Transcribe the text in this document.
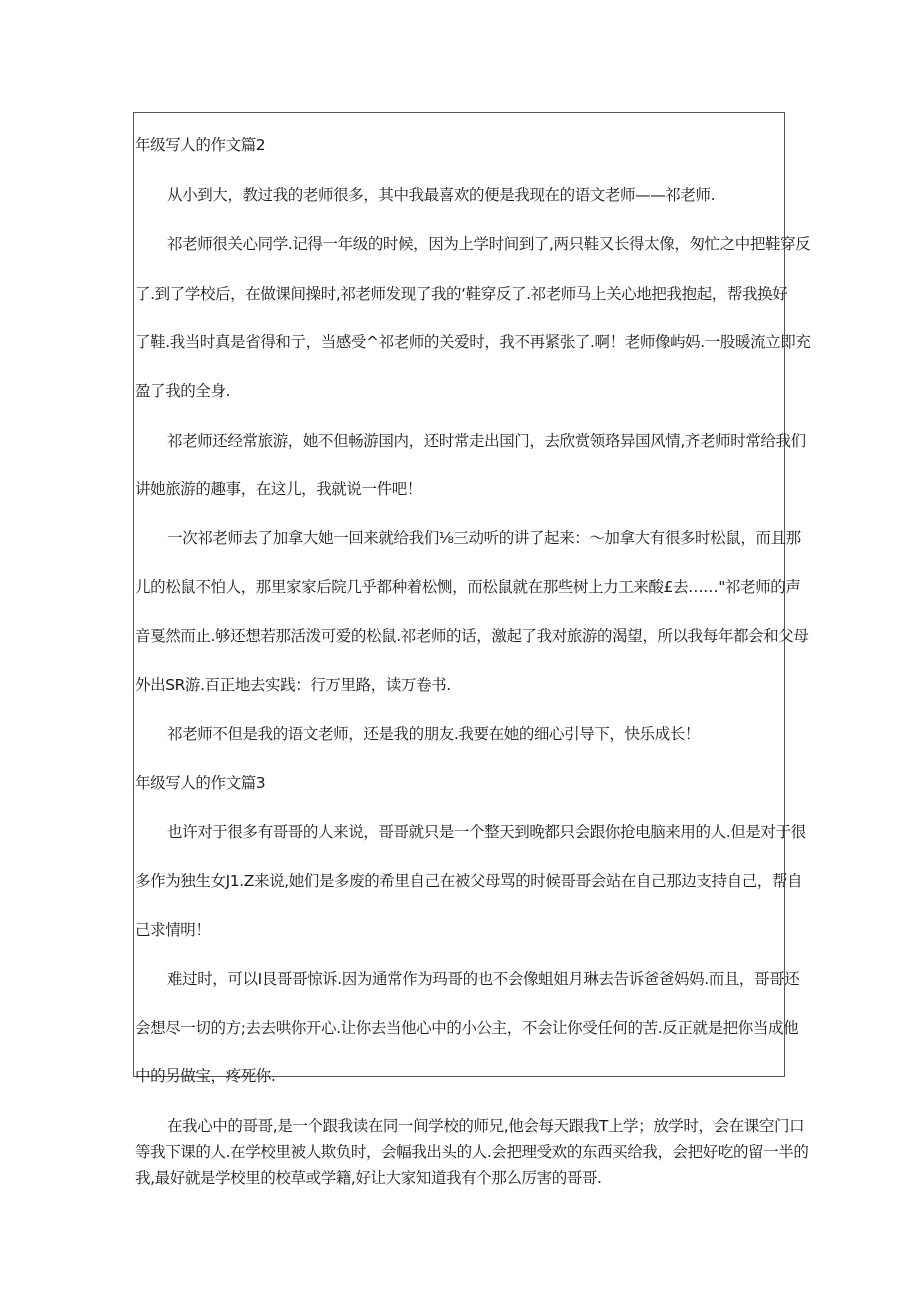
年级写人的作文篇2
从小到大，教过我的老师很多，其中我最喜欢的便是我现在的语文老师——祁老师.
祁老师很关心同学.记得一年级的时候，因为上学时间到了,两只鞋又长得太像，匆忙之中把鞋穿反
了.到了学校后，在做课间操时,祁老师发现了我的‘鞋穿反了.祁老师马上关心地把我抱起，帮我换好
了鞋.我当时真是省得和亍，当感受^祁老师的关爱时，我不再紧张了.啊！老师像屿妈.一股暖流立即充
盈了我的全身.
祁老师还经常旅游，她不但畅游国内，还时常走出国门，去欣赏领珞异国风情,齐老师时常给我们
讲她旅游的趣事，在这儿，我就说一件吧！
一次祁老师去了加拿大她一回来就给我们⅛三动听的讲了起来：〜加拿大有很多时松鼠，而且那
儿的松鼠不怕人，那里家家后院几乎都种着松恻，而松鼠就在那些树上力工来酸£去……"祁老师的声
音戛然而止.够还想若那活泼可爱的松鼠.祁老师的话，激起了我对旅游的渴望，所以我每年都会和父母
外出SR游.百正地去实践：行万里路，读万卷书.
祁老师不但是我的语文老师，还是我的朋友.我要在她的细心引导下，快乐成长！
年级写人的作文篇3
也许对于很多有哥哥的人来说，哥哥就只是一个整天到晚都只会跟你抢电脑来用的人.但是对于很
多作为独生女J1.Z来说,她们是多废的希里自己在被父母骂的时候哥哥会站在自己那边支持自己，帮自
己求情明！
难过时，可以I艮哥哥惊诉.因为通常作为玛哥的也不会像蛆姐月琳去告诉爸爸妈妈.而且，哥哥还
会想尽一切的方;去去哄你开心.让你去当他心中的小公主，不会让你受任何的苦.反正就是把你当成他
中的另做宝，疼死你.
在我心中的哥哥,是一个跟我读在同一间学校的师兄,他会每天跟我T上学；放学时，会在课空门口
等我下课的人.在学校里被人欺负时，会幅我出头的人.会把理受欢的东西买给我，会把好吃的留一半的
我,最好就是学校里的校草或学籍,好让大家知道我有个那么厉害的哥哥.
